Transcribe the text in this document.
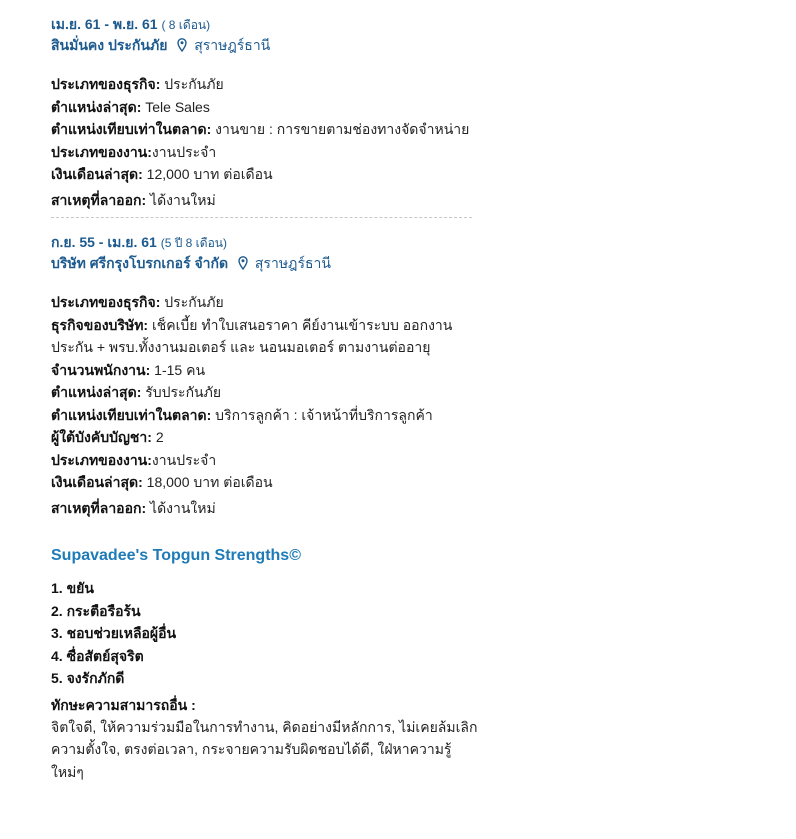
เม.ย. 61 - พ.ย. 61 ( 8 เดือน)
สินมั่นคง ประกันภัย สุราษฎร์ธานี
ประเภทของธุรกิจ: ประกันภัย
ตำแหน่งล่าสุด: Tele Sales
ตำแหน่งเทียบเท่าในตลาด: งานขาย : การขายตามช่องทางจัดจำหน่าย
ประเภทของงาน:งานประจำ
เงินเดือนล่าสุด: 12,000 บาท ต่อเดือน
สาเหตุที่ลาออก: ได้งานใหม่
ก.ย. 55 - เม.ย. 61 (5 ปี 8 เดือน)
บริษัท ศรีกรุงโบรกเกอร์ จำกัด สุราษฎร์ธานี
ประเภทของธุรกิจ: ประกันภัย
ธุรกิจของบริษัท: เช็คเบี้ย ทำใบเสนอราคา คีย์งานเข้าระบบ ออกงานประกัน + พรบ.ทั้งงานมอเตอร์ และ นอนมอเตอร์ ตามงานต่ออายุ
จำนวนพนักงาน: 1-15 คน
ตำแหน่งล่าสุด: รับประกันภัย
ตำแหน่งเทียบเท่าในตลาด: บริการลูกค้า : เจ้าหน้าที่บริการลูกค้า
ผู้ใต้บังคับบัญชา: 2
ประเภทของงาน:งานประจำ
เงินเดือนล่าสุด: 18,000 บาท ต่อเดือน
สาเหตุที่ลาออก: ได้งานใหม่
Supavadee's Topgun Strengths©
1. ขยัน
2. กระตือรือร้น
3. ชอบช่วยเหลือผู้อื่น
4. ซื่อสัตย์สุจริต
5. จงรักภักดี
ทักษะความสามารถอื่น :
จิตใจดี, ให้ความร่วมมือในการทำงาน, คิดอย่างมีหลักการ, ไม่เคยล้มเลิกความตั้งใจ, ตรงต่อเวลา, กระจายความรับผิดชอบได้ดี, ใฝ่หาความรู้ใหม่ๆ
